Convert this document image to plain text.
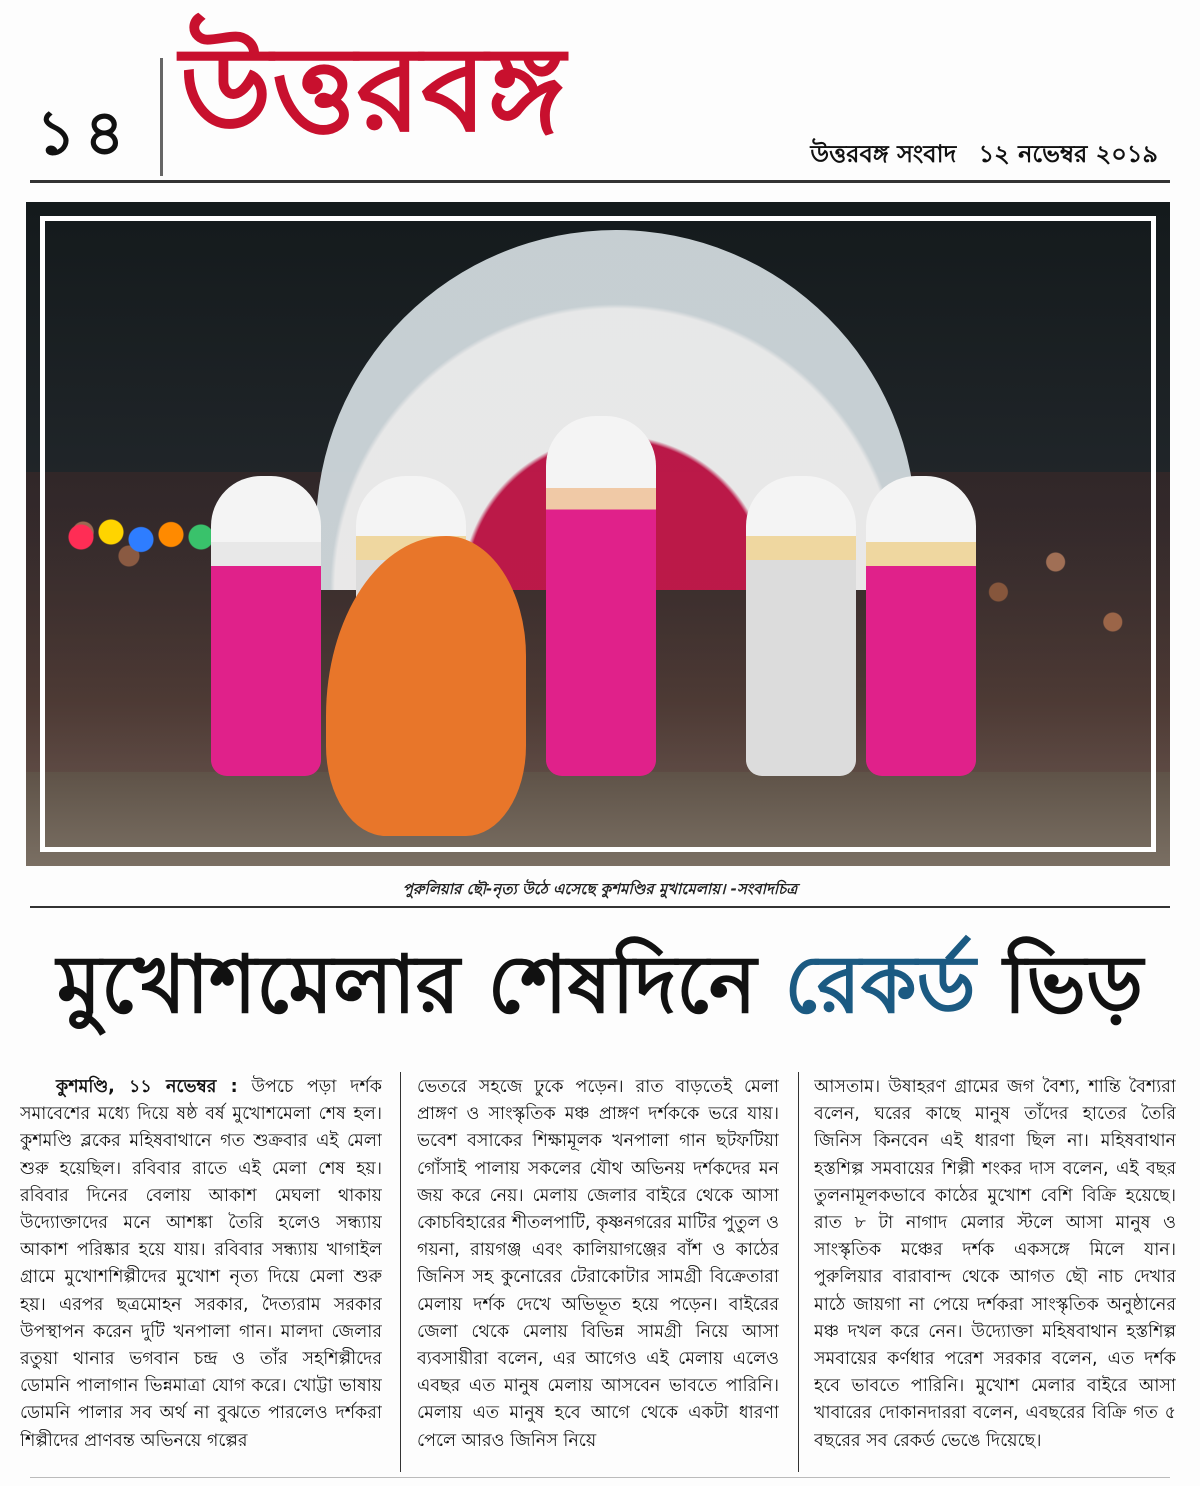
১৪ উত্তরবঙ্গ	উত্তরবঙ্গ সংবাদ ১২ নভেম্বর ২০১৯
পুরুলিয়ার ছৌ-নৃত্য উঠে এসেছে কুশমণ্ডির মুখামেলায়। -সংবাদচিত্র
মুখোশমেলার শেষদিনে রেকর্ড ভিড়

কুশমণ্ডি, ১১ নভেম্বর : উপচে পড়া দর্শক সমাবেশের মধ্যে দিয়ে ষষ্ঠ বর্ষ মুখোশমেলা শেষ হল। কুশমণ্ডি ব্লকের মহিষবাথানে গত শুক্রবার এই মেলা শুরু হয়েছিল। রবিবার রাতে এই মেলা শেষ হয়। রবিবার দিনের বেলায় আকাশ মেঘলা থাকায় উদ্যোক্তাদের মনে আশঙ্কা তৈরি হলেও সন্ধ্যায় আকাশ পরিষ্কার হয়ে যায়। রবিবার সন্ধ্যায় খাগাইল গ্রামে মুখোশশিল্পীদের মুখোশ নৃত্য দিয়ে মেলা শুরু হয়। এরপর ছত্রমোহন সরকার, দৈত্যরাম সরকার উপস্থাপন করেন দুটি খনপালা গান। মালদা জেলার রতুয়া থানার ভগবান চন্দ্র ও তাঁর সহশিল্পীদের ডোমনি পালাগান ভিন্নমাত্রা যোগ করে। খোট্টা ভাষায় ডোমনি পালার সব অর্থ না বুঝতে পারলেও দর্শকরা শিল্পীদের প্রাণবন্ত অভিনয়ে গল্পের

ভেতরে সহজে ঢুকে পড়েন। রাত বাড়তেই মেলা প্রাঙ্গণ ও সাংস্কৃতিক মঞ্চ প্রাঙ্গণ দর্শককে ভরে যায়। ভবেশ বসাকের শিক্ষামূলক খনপালা গান ছটফটিয়া গোঁসাই পালায় সকলের যৌথ অভিনয় দর্শকদের মন জয় করে নেয়। মেলায় জেলার বাইরে থেকে আসা কোচবিহারের শীতলপাটি, কৃষ্ণনগরের মাটির পুতুল ও গয়না, রায়গঞ্জ এবং কালিয়াগঞ্জের বাঁশ ও কাঠের জিনিস সহ কুনোরের টেরাকোটার সামগ্রী বিক্রেতারা মেলায় দর্শক দেখে অভিভূত হয়ে পড়েন। বাইরের জেলা থেকে মেলায় বিভিন্ন সামগ্রী নিয়ে আসা ব্যবসায়ীরা বলেন, এর আগেও এই মেলায় এলেও এবছর এত মানুষ মেলায় আসবেন ভাবতে পারিনি। মেলায় এত মানুষ হবে আগে থেকে একটা ধারণা পেলে আরও জিনিস নিয়ে

আসতাম। উষাহরণ গ্রামের জগ বৈশ্য, শান্তি বৈশ্যরা বলেন, ঘরের কাছে মানুষ তাঁদের হাতের তৈরি জিনিস কিনবেন এই ধারণা ছিল না। মহিষবাথান হস্তশিল্প সমবায়ের শিল্পী শংকর দাস বলেন, এই বছর তুলনামূলকভাবে কাঠের মুখোশ বেশি বিক্রি হয়েছে। রাত ৮ টা নাগাদ মেলার স্টলে আসা মানুষ ও সাংস্কৃতিক মঞ্চের দর্শক একসঙ্গে মিলে যান। পুরুলিয়ার বারাবান্দ থেকে আগত ছৌ নাচ দেখার মাঠে জায়গা না পেয়ে দর্শকরা সাংস্কৃতিক অনুষ্ঠানের মঞ্চ দখল করে নেন। উদ্যোক্তা মহিষবাথান হস্তশিল্প সমবায়ের কর্ণধার পরেশ সরকার বলেন, এত দর্শক হবে ভাবতে পারিনি। মুখোশ মেলার বাইরে আসা খাবারের দোকানদাররা বলেন, এবছরের বিক্রি গত ৫ বছরের সব রেকর্ড ভেঙে দিয়েছে।
